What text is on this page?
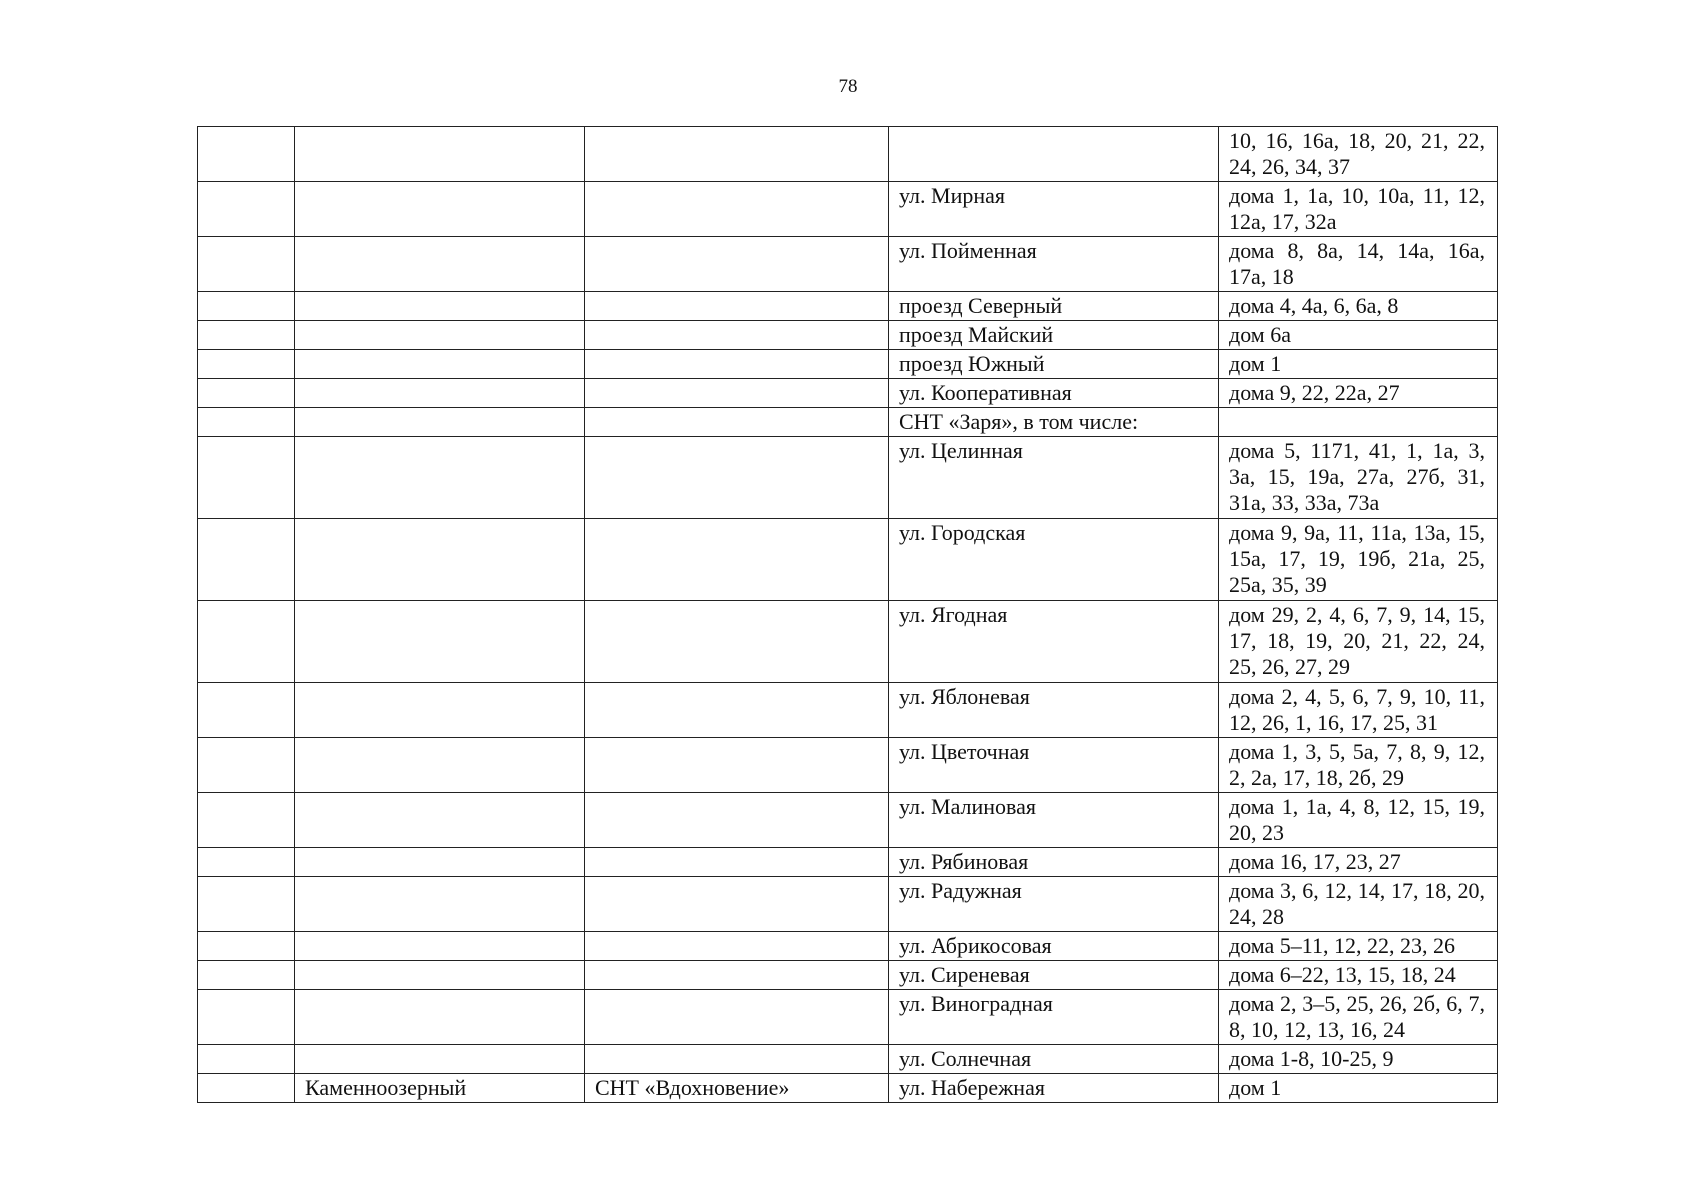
78
				10, 16, 16а, 18, 20, 21, 22, 24, 26, 34, 37
			ул. Мирная	дома 1, 1а, 10, 10а, 11, 12, 12а, 17, 32а
			ул. Пойменная	дома 8, 8а, 14, 14а, 16а, 17а, 18
			проезд Северный	дома 4, 4а, 6, 6а, 8
			проезд Майский	дом 6а
			проезд Южный	дом 1
			ул. Кооперативная	дома 9, 22, 22а, 27
			СНТ «Заря», в том числе:	
			ул. Целинная	дома 5, 1171, 41, 1, 1а, 3, 3а, 15, 19а, 27а, 27б, 31, 31а, 33, 33а, 73а
			ул. Городская	дома 9, 9а, 11, 11а, 13а, 15, 15а, 17, 19, 19б, 21а, 25, 25а, 35, 39
			ул. Ягодная	дом 29, 2, 4, 6, 7, 9, 14, 15, 17, 18, 19, 20, 21, 22, 24, 25, 26, 27, 29
			ул. Яблоневая	дома 2, 4, 5, 6, 7, 9, 10, 11, 12, 26, 1, 16, 17, 25, 31
			ул. Цветочная	дома 1, 3, 5, 5а, 7, 8, 9, 12, 2, 2а, 17, 18, 2б, 29
			ул. Малиновая	дома 1, 1а, 4, 8, 12, 15, 19, 20, 23
			ул. Рябиновая	дома 16, 17, 23, 27
			ул. Радужная	дома 3, 6, 12, 14, 17, 18, 20, 24, 28
			ул. Абрикосовая	дома 5–11, 12, 22, 23, 26
			ул. Сиреневая	дома 6–22, 13, 15, 18, 24
			ул. Виноградная	дома 2, 3–5, 25, 26, 2б, 6, 7, 8, 10, 12, 13, 16, 24
			ул. Солнечная	дома 1-8, 10-25, 9
	Каменноозерный	СНТ «Вдохновение»	ул. Набережная	дом 1
